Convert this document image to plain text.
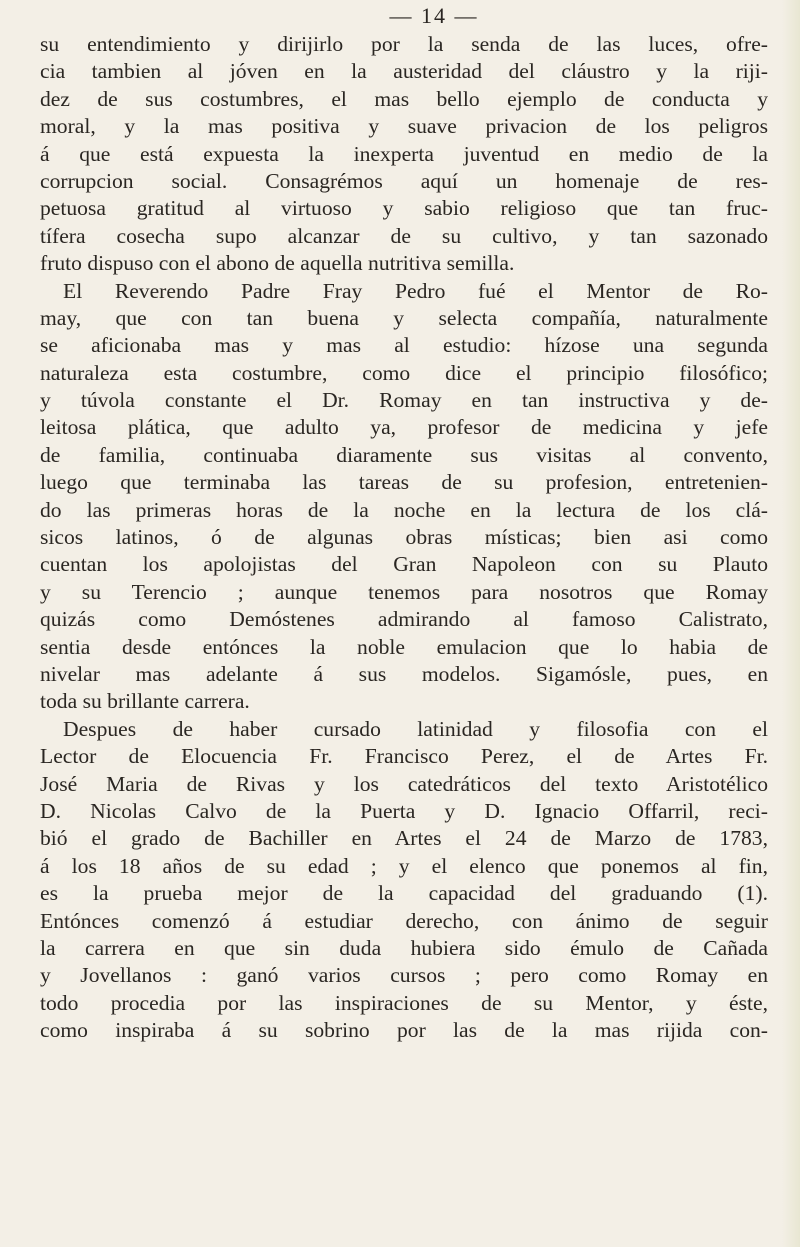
— 14 —
su entendimiento y dirijirlo por la senda de las luces, ofre-
cia tambien al jóven en la austeridad del cláustro y la riji-
dez de sus costumbres, el mas bello ejemplo de conducta y
moral, y la mas positiva y suave privacion de los peligros
á que está expuesta la inexperta juventud en medio de la
corrupcion social. Consagrémos aquí un homenaje de res-
petuosa gratitud al virtuoso y sabio religioso que tan fruc-
tífera cosecha supo alcanzar de su cultivo, y tan sazonado
fruto dispuso con el abono de aquella nutritiva semilla.
El Reverendo Padre Fray Pedro fué el Mentor de Ro-
may, que con tan buena y selecta compañía, naturalmente
se aficionaba mas y mas al estudio: hízose una segunda
naturaleza esta costumbre, como dice el principio filosófico;
y túvola constante el Dr. Romay en tan instructiva y de-
leitosa plática, que adulto ya, profesor de medicina y jefe
de familia, continuaba diaramente sus visitas al convento,
luego que terminaba las tareas de su profesion, entretenien-
do las primeras horas de la noche en la lectura de los clá-
sicos latinos, ó de algunas obras místicas; bien asi como
cuentan los apolojistas del Gran Napoleon con su Plauto
y su Terencio ; aunque tenemos para nosotros que Romay
quizás como Demóstenes admirando al famoso Calistrato,
sentia desde entónces la noble emulacion que lo habia de
nivelar mas adelante á sus modelos. Sigamósle, pues, en
toda su brillante carrera.
Despues de haber cursado latinidad y filosofia con el
Lector de Elocuencia Fr. Francisco Perez, el de Artes Fr.
José Maria de Rivas y los catedráticos del texto Aristotélico
D. Nicolas Calvo de la Puerta y D. Ignacio Offarril, reci-
bió el grado de Bachiller en Artes el 24 de Marzo de 1783,
á los 18 años de su edad ; y el elenco que ponemos al fin,
es la prueba mejor de la capacidad del graduando (1).
Entónces comenzó á estudiar derecho, con ánimo de seguir
la carrera en que sin duda hubiera sido émulo de Cañada
y Jovellanos : ganó varios cursos ; pero como Romay en
todo procedia por las inspiraciones de su Mentor, y éste,
como inspiraba á su sobrino por las de la mas rijida con-
